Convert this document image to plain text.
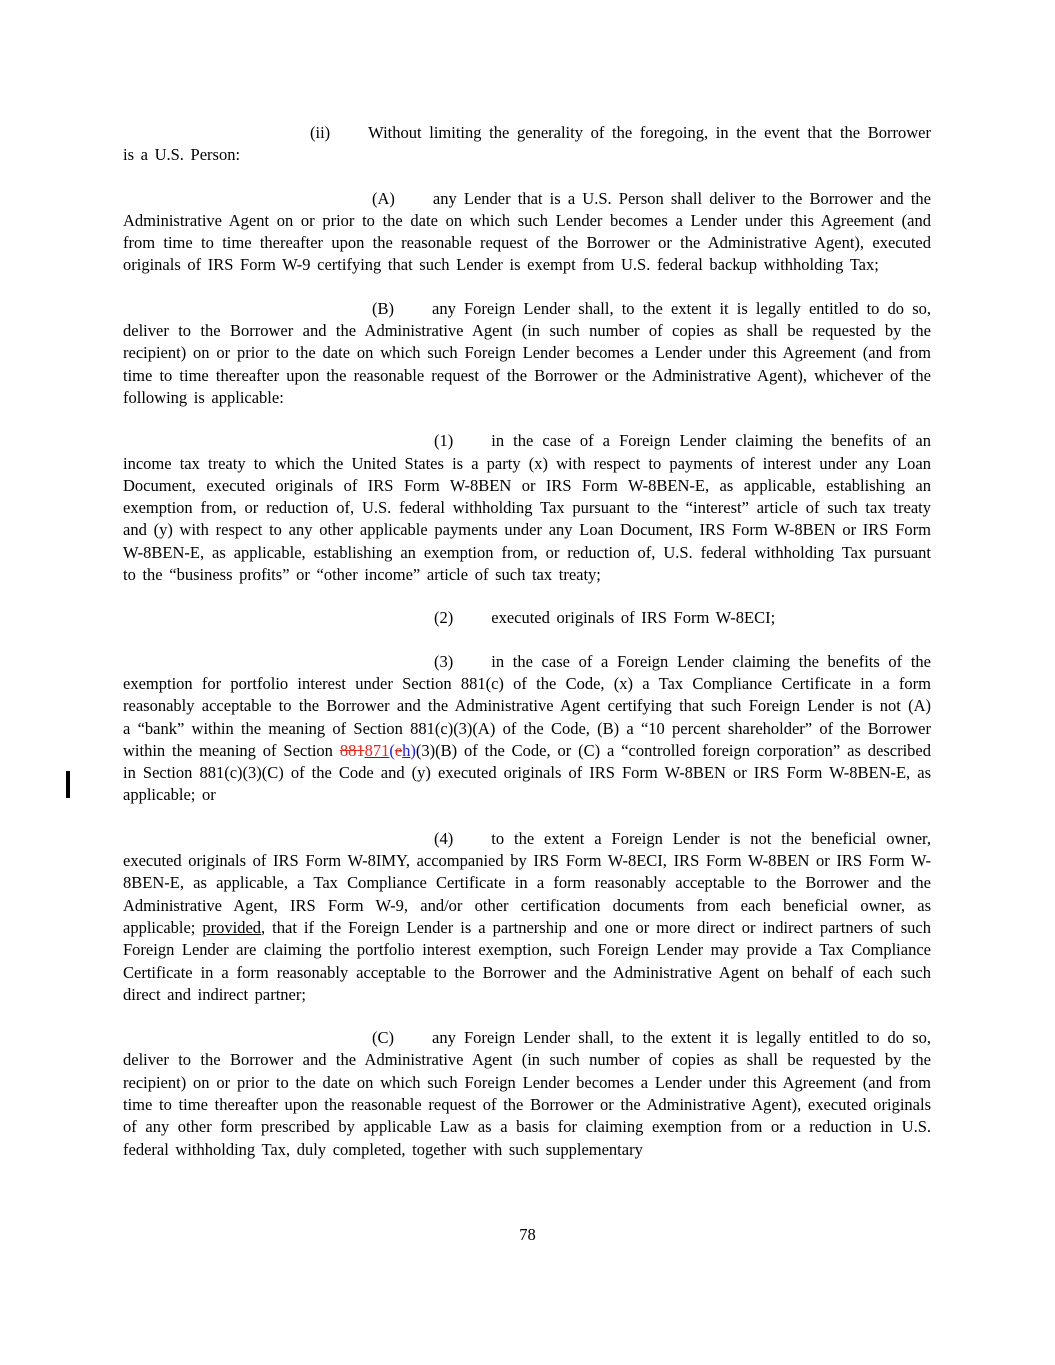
(ii) Without limiting the generality of the foregoing, in the event that the Borrower is a U.S. Person:

(A) any Lender that is a U.S. Person shall deliver to the Borrower and the Administrative Agent on or prior to the date on which such Lender becomes a Lender under this Agreement (and from time to time thereafter upon the reasonable request of the Borrower or the Administrative Agent), executed originals of IRS Form W-9 certifying that such Lender is exempt from U.S. federal backup withholding Tax;

(B) any Foreign Lender shall, to the extent it is legally entitled to do so, deliver to the Borrower and the Administrative Agent (in such number of copies as shall be requested by the recipient) on or prior to the date on which such Foreign Lender becomes a Lender under this Agreement (and from time to time thereafter upon the reasonable request of the Borrower or the Administrative Agent), whichever of the following is applicable:

(1) in the case of a Foreign Lender claiming the benefits of an income tax treaty to which the United States is a party (x) with respect to payments of interest under any Loan Document, executed originals of IRS Form W-8BEN or IRS Form W-8BEN-E, as applicable, establishing an exemption from, or reduction of, U.S. federal withholding Tax pursuant to the “interest” article of such tax treaty and (y) with respect to any other applicable payments under any Loan Document, IRS Form W-8BEN or IRS Form W-8BEN-E, as applicable, establishing an exemption from, or reduction of, U.S. federal withholding Tax pursuant to the “business profits” or “other income” article of such tax treaty;

(2) executed originals of IRS Form W-8ECI;

(3) in the case of a Foreign Lender claiming the benefits of the exemption for portfolio interest under Section 881(c) of the Code, (x) a Tax Compliance Certificate in a form reasonably acceptable to the Borrower and the Administrative Agent certifying that such Foreign Lender is not (A) a “bank” within the meaning of Section 881(c)(3)(A) of the Code, (B) a “10 percent shareholder” of the Borrower within the meaning of Section 881871(eh)(3)(B) of the Code, or (C) a “controlled foreign corporation” as described in Section 881(c)(3)(C) of the Code and (y) executed originals of IRS Form W-8BEN or IRS Form W-8BEN-E, as applicable; or

(4) to the extent a Foreign Lender is not the beneficial owner, executed originals of IRS Form W-8IMY, accompanied by IRS Form W-8ECI, IRS Form W-8BEN or IRS Form W-8BEN-E, as applicable, a Tax Compliance Certificate in a form reasonably acceptable to the Borrower and the Administrative Agent, IRS Form W-9, and/or other certification documents from each beneficial owner, as applicable; provided, that if the Foreign Lender is a partnership and one or more direct or indirect partners of such Foreign Lender are claiming the portfolio interest exemption, such Foreign Lender may provide a Tax Compliance Certificate in a form reasonably acceptable to the Borrower and the Administrative Agent on behalf of each such direct and indirect partner;

(C) any Foreign Lender shall, to the extent it is legally entitled to do so, deliver to the Borrower and the Administrative Agent (in such number of copies as shall be requested by the recipient) on or prior to the date on which such Foreign Lender becomes a Lender under this Agreement (and from time to time thereafter upon the reasonable request of the Borrower or the Administrative Agent), executed originals of any other form prescribed by applicable Law as a basis for claiming exemption from or a reduction in U.S. federal withholding Tax, duly completed, together with such supplementary

78
